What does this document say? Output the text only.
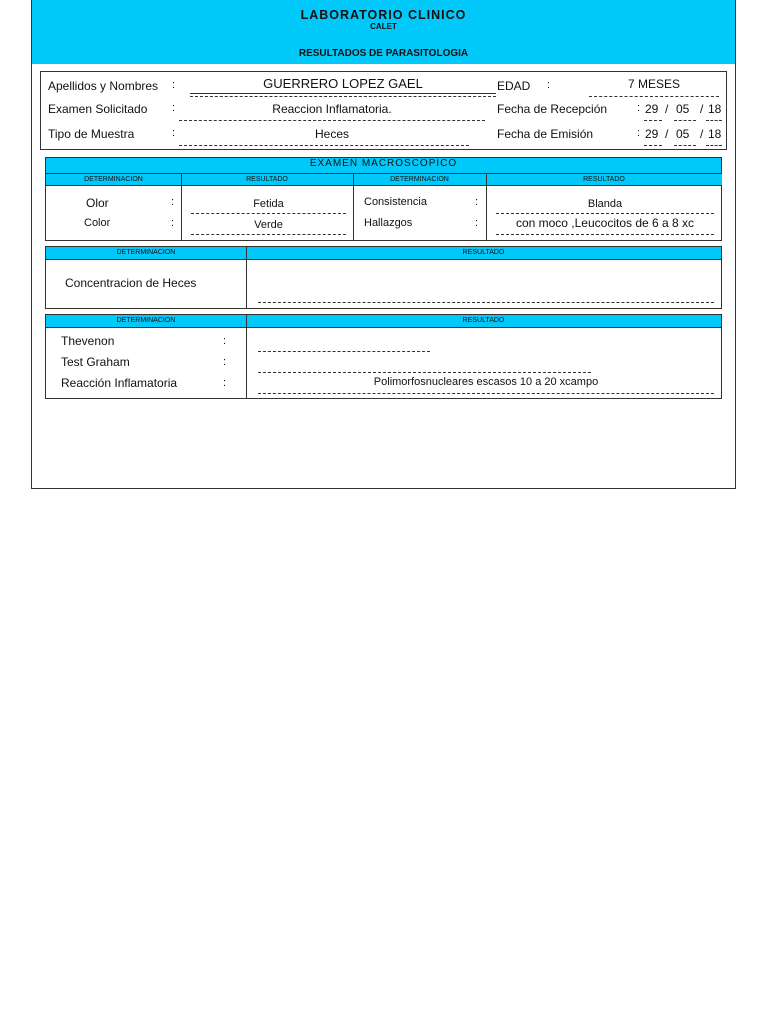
LABORATORIO CLINICO
CALET
RESULTADOS DE PARASITOLOGIA
Apellidos y Nombres :	GUERRERO LOPEZ GAEL	EDAD :	7 MESES
Examen Solicitado :	Reaccion Inflamatoria.	Fecha de Recepción	: 29 / 05 / 18
Tipo de Muestra	:	Heces	Fecha de Emisión	: 29 / 05 / 18
EXAMEN MACROSCOPICO
DETERMINACION	RESULTADO	DETERMINACION	RESULTADO
Olor	:	Fetida	Consistencia	:	Blanda
Color	:	Verde	Hallazgos	:	con moco ,Leucocitos de 6 a 8 xc
DETERMINACION	RESULTADO
Concentracion de Heces
DETERMINACION	RESULTADO
Thevenon	:
Test Graham	:
Reacción Inflamatoria	:	Polimorfosnucleares escasos 10 a 20 xcampo
